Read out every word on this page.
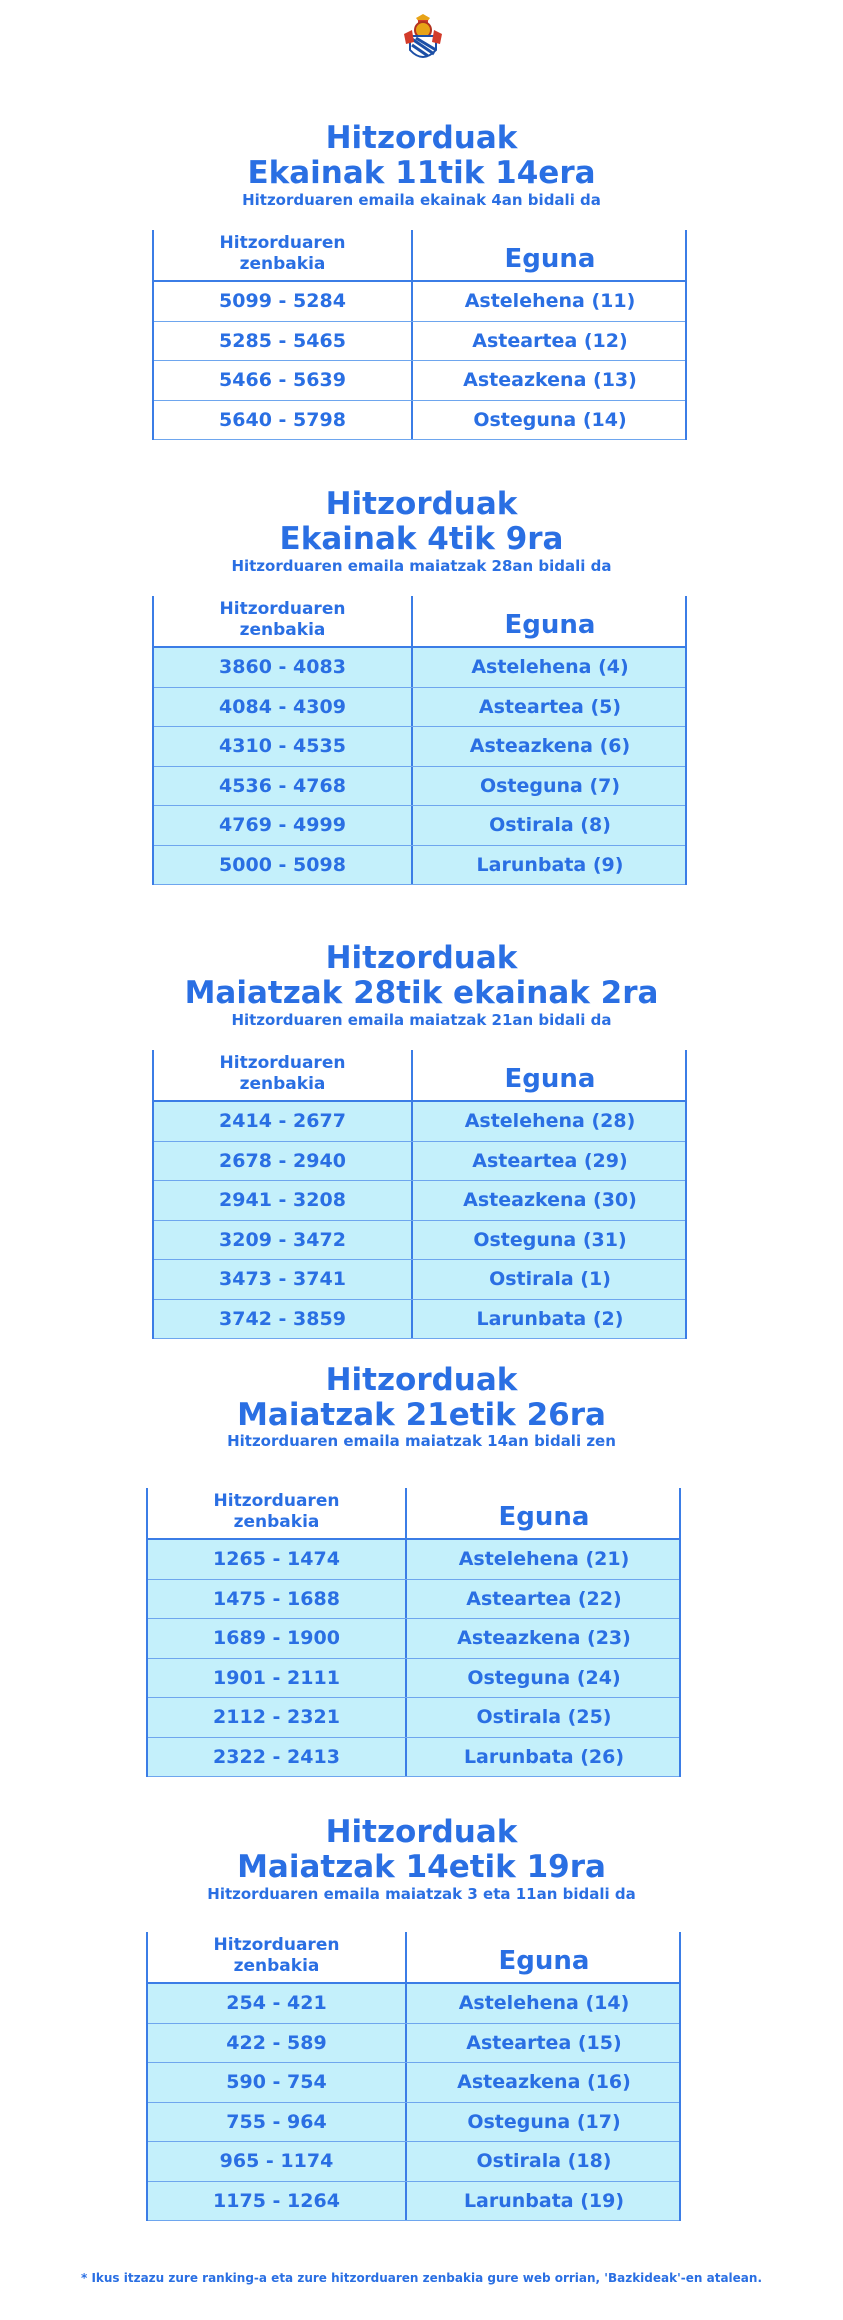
Hitzorduak
Ekainak 11tik 14era
Hitzorduaren emaila ekainak 4an bidali da
Hitzorduaren
zenbakia	Eguna
5099 - 5284	Astelehena (11)
5285 - 5465	Asteartea (12)
5466 - 5639	Asteazkena (13)
5640 - 5798	Osteguna (14)
Hitzorduak
Ekainak 4tik 9ra
Hitzorduaren emaila maiatzak 28an bidali da
Hitzorduaren
zenbakia	Eguna
3860 - 4083	Astelehena (4)
4084 - 4309	Asteartea (5)
4310 - 4535	Asteazkena (6)
4536 - 4768	Osteguna (7)
4769 - 4999	Ostirala (8)
5000 - 5098	Larunbata (9)
Hitzorduak
Maiatzak 28tik ekainak 2ra
Hitzorduaren emaila maiatzak 21an bidali da
Hitzorduaren
zenbakia	Eguna
2414 - 2677	Astelehena (28)
2678 - 2940	Asteartea (29)
2941 - 3208	Asteazkena (30)
3209 - 3472	Osteguna (31)
3473 - 3741	Ostirala (1)
3742 - 3859	Larunbata (2)
Hitzorduak
Maiatzak 21etik 26ra
Hitzorduaren emaila maiatzak 14an bidali zen
Hitzorduaren
zenbakia	Eguna
1265 - 1474	Astelehena (21)
1475 - 1688	Asteartea (22)
1689 - 1900	Asteazkena (23)
1901 - 2111	Osteguna (24)
2112 - 2321	Ostirala (25)
2322 - 2413	Larunbata (26)
Hitzorduak
Maiatzak 14etik 19ra
Hitzorduaren emaila maiatzak 3 eta 11an bidali da
Hitzorduaren
zenbakia	Eguna
254 - 421	Astelehena (14)
422 - 589	Asteartea (15)
590 - 754	Asteazkena (16)
755 - 964	Osteguna (17)
965 - 1174	Ostirala (18)
1175 - 1264	Larunbata (19)
* Ikus itzazu zure ranking-a eta zure hitzorduaren zenbakia gure web orrian, 'Bazkideak'-en atalean.
